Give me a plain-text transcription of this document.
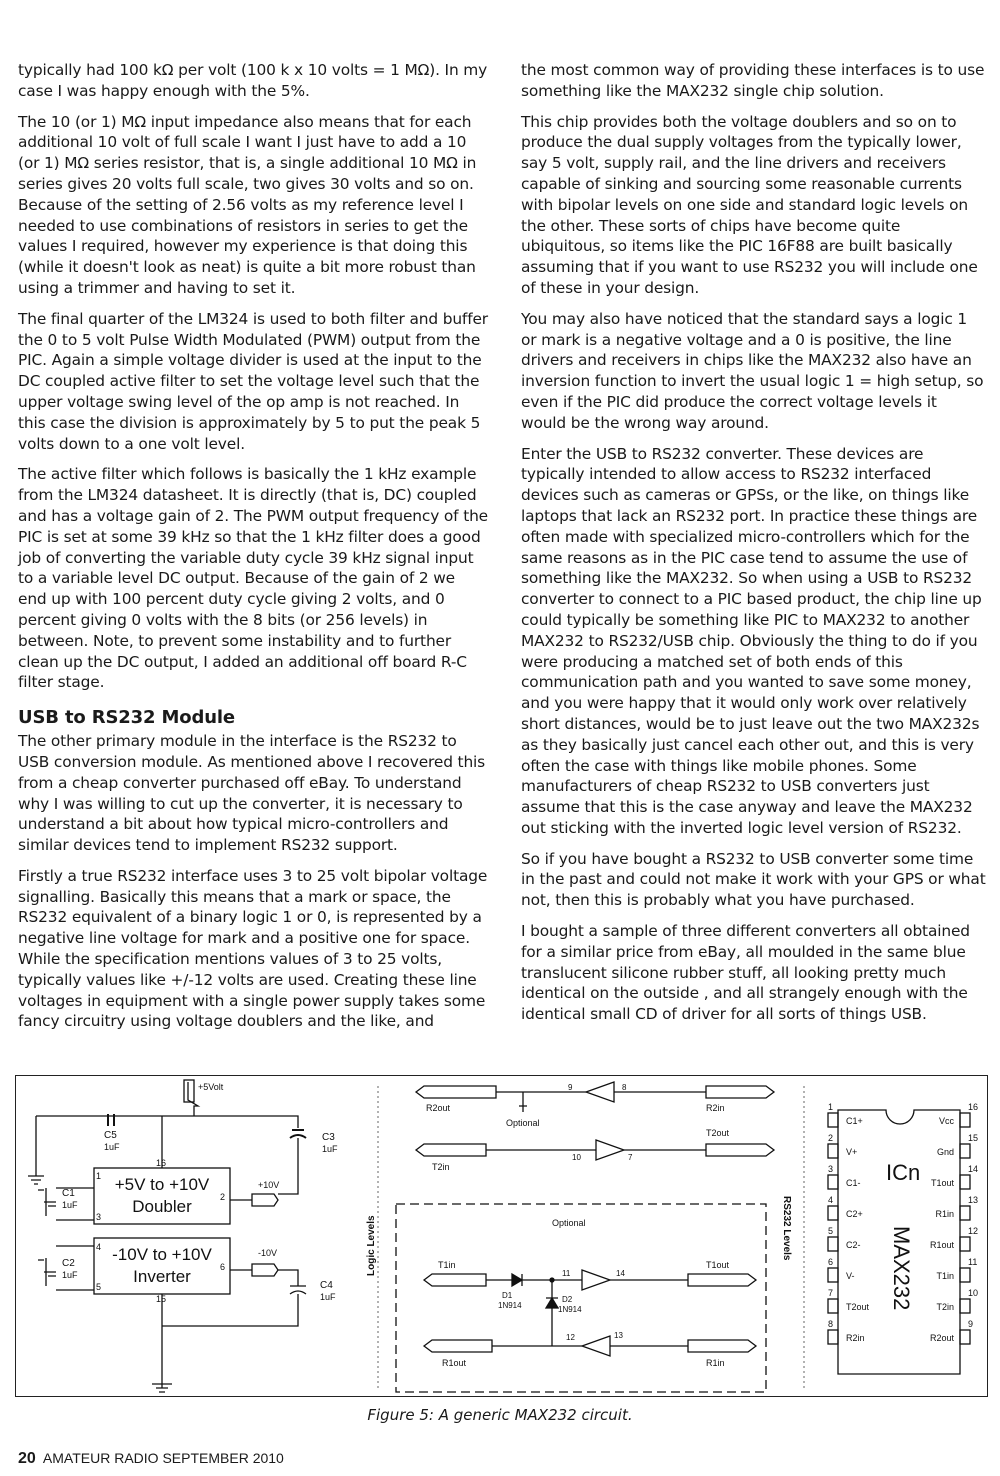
typically had 100 kΩ per volt (100 k x 10 volts = 1 MΩ). In my case I was happy enough with the 5%.

The 10 (or 1) MΩ input impedance also means that for each additional 10 volt of full scale I want I just have to add a 10 (or 1) MΩ series resistor, that is, a single additional 10 MΩ in series gives 20 volts full scale, two gives 30 volts and so on. Because of the setting of 2.56 volts as my reference level I needed to use combinations of resistors in series to get the values I required, however my experience is that doing this (while it doesn't look as neat) is quite a bit more robust than using a trimmer and having to set it.

The final quarter of the LM324 is used to both filter and buffer the 0 to 5 volt Pulse Width Modulated (PWM) output from the PIC. Again a simple voltage divider is used at the input to the DC coupled active filter to set the voltage level such that the upper voltage swing level of the op amp is not reached. In this case the division is approximately by 5 to put the peak 5 volts down to a one volt level.

The active filter which follows is basically the 1 kHz example from the LM324 datasheet. It is directly (that is, DC) coupled and has a voltage gain of 2. The PWM output frequency of the PIC is set at some 39 kHz so that the 1 kHz filter does a good job of converting the variable duty cycle 39 kHz signal input to a variable level DC output. Because of the gain of 2 we end up with 100 percent duty cycle giving 2 volts, and 0 percent giving 0 volts with the 8 bits (or 256 levels) in between. Note, to prevent some instability and to further clean up the DC output, I added an additional off board R-C filter stage.

USB to RS232 Module

The other primary module in the interface is the RS232 to USB conversion module. As mentioned above I recovered this from a cheap converter purchased off eBay. To understand why I was willing to cut up the converter, it is necessary to understand a bit about how typical micro-controllers and similar devices tend to implement RS232 support.

Firstly a true RS232 interface uses 3 to 25 volt bipolar voltage signalling. Basically this means that a mark or space, the RS232 equivalent of a binary logic 1 or 0, is represented by a negative line voltage for mark and a positive one for space. While the specification mentions values of 3 to 25 volts, typically values like +/-12 volts are used. Creating these line voltages in equipment with a single power supply takes some fancy circuitry using voltage doublers and the like, and

the most common way of providing these interfaces is to use something like the MAX232 single chip solution.

This chip provides both the voltage doublers and so on to produce the dual supply voltages from the typically lower, say 5 volt, supply rail, and the line drivers and receivers capable of sinking and sourcing some reasonable currents with bipolar levels on one side and standard logic levels on the other. These sorts of chips have become quite ubiquitous, so items like the PIC 16F88 are built basically assuming that if you want to use RS232 you will include one of these in your design.

You may also have noticed that the standard says a logic 1 or mark is a negative voltage and a 0 is positive, the line drivers and receivers in chips like the MAX232 also have an inversion function to invert the usual logic 1 = high setup, so even if the PIC did produce the correct voltage levels it would be the wrong way around.

Enter the USB to RS232 converter. These devices are typically intended to allow access to RS232 interfaced devices such as cameras or GPSs, or the like, on things like laptops that lack an RS232 port. In practice these things are often made with specialized micro-controllers which for the same reasons as in the PIC case tend to assume the use of something like the MAX232. So when using a USB to RS232 converter to connect to a PIC based product, the chip line up could typically be something like PIC to MAX232 to another MAX232 to RS232/USB chip. Obviously the thing to do if you were producing a matched set of both ends of this communication path and you wanted to save some money, and you were happy that it would only work over relatively short distances, would be to just leave out the two MAX232s as they basically just cancel each other out, and this is very often the case with things like mobile phones. Some manufacturers of cheap RS232 to USB converters just assume that this is the case anyway and leave the MAX232 out sticking with the inverted logic level version of RS232.

So if you have bought a RS232 to USB converter some time in the past and could not make it work with your GPS or what not, then this is probably what you have purchased.

I bought a sample of three different converters all obtained for a similar price from eBay, all moulded in the same blue translucent silicone rubber stuff, all looking pretty much identical on the outside , and all strangely enough with the identical small CD of driver for all sorts of things USB.

+5Volt
C5
1uF
C3
1uF
+5V to +10V
Doubler
16
1
2
3
C1
1uF
+10V
-10V to +10V
Inverter
4
5
6
15
C2
1uF
-10V
C4
1uF
Logic Levels	RS232 Levels
R2out	R2in
9	8
Optional
T2in
T2out
10	7
Optional
T1in
D1
1N914
T1out
11	14
D2
1N914
R1out	R1in
12	13
ICn
MAX232
1
C1+
2
V+
3
C1-
4
C2+
5
C2-
6
V-
7
T2out
8
R2in
16
Vcc
15
Gnd
14
T1out
13
R1in
12
R1out
11
T1in
10
T2in
9
R2out
Figure 5: A generic MAX232 circuit.
20 AMATEUR RADIO SEPTEMBER 2010
